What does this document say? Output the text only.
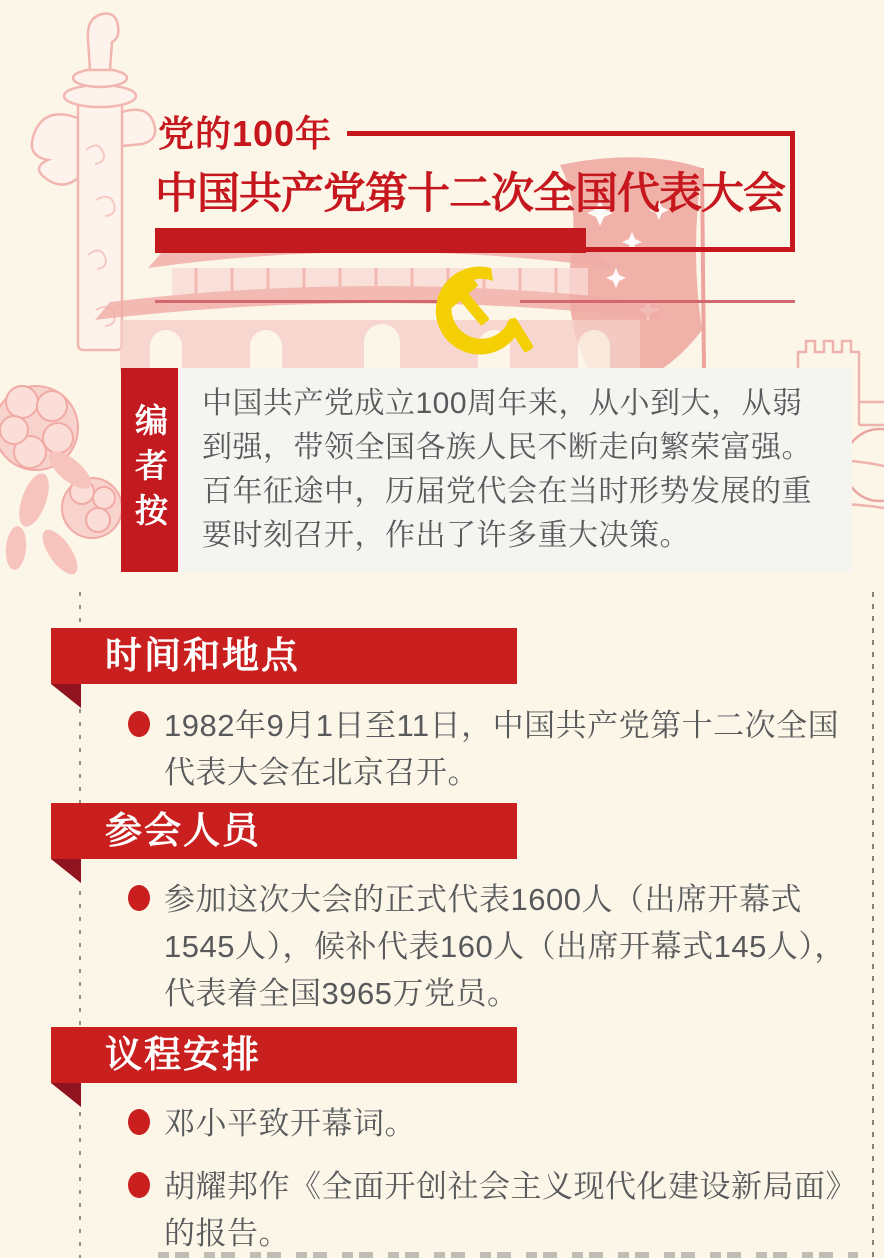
党的100年
中国共产党第十二次全国代表大会
编者按	中国共产党成立100周年来，从小到大，从弱到强，带领全国各族人民不断走向繁荣富强。百年征途中，历届党代会在当时形势发展的重要时刻召开，作出了许多重大决策。
时间和地点
1982年9月1日至11日，中国共产党第十二次全国代表大会在北京召开。
参会人员
参加这次大会的正式代表1600人（出席开幕式1545人），候补代表160人（出席开幕式145人），代表着全国3965万党员。
议程安排
邓小平致开幕词。
胡耀邦作《全面开创社会主义现代化建设新局面》的报告。
